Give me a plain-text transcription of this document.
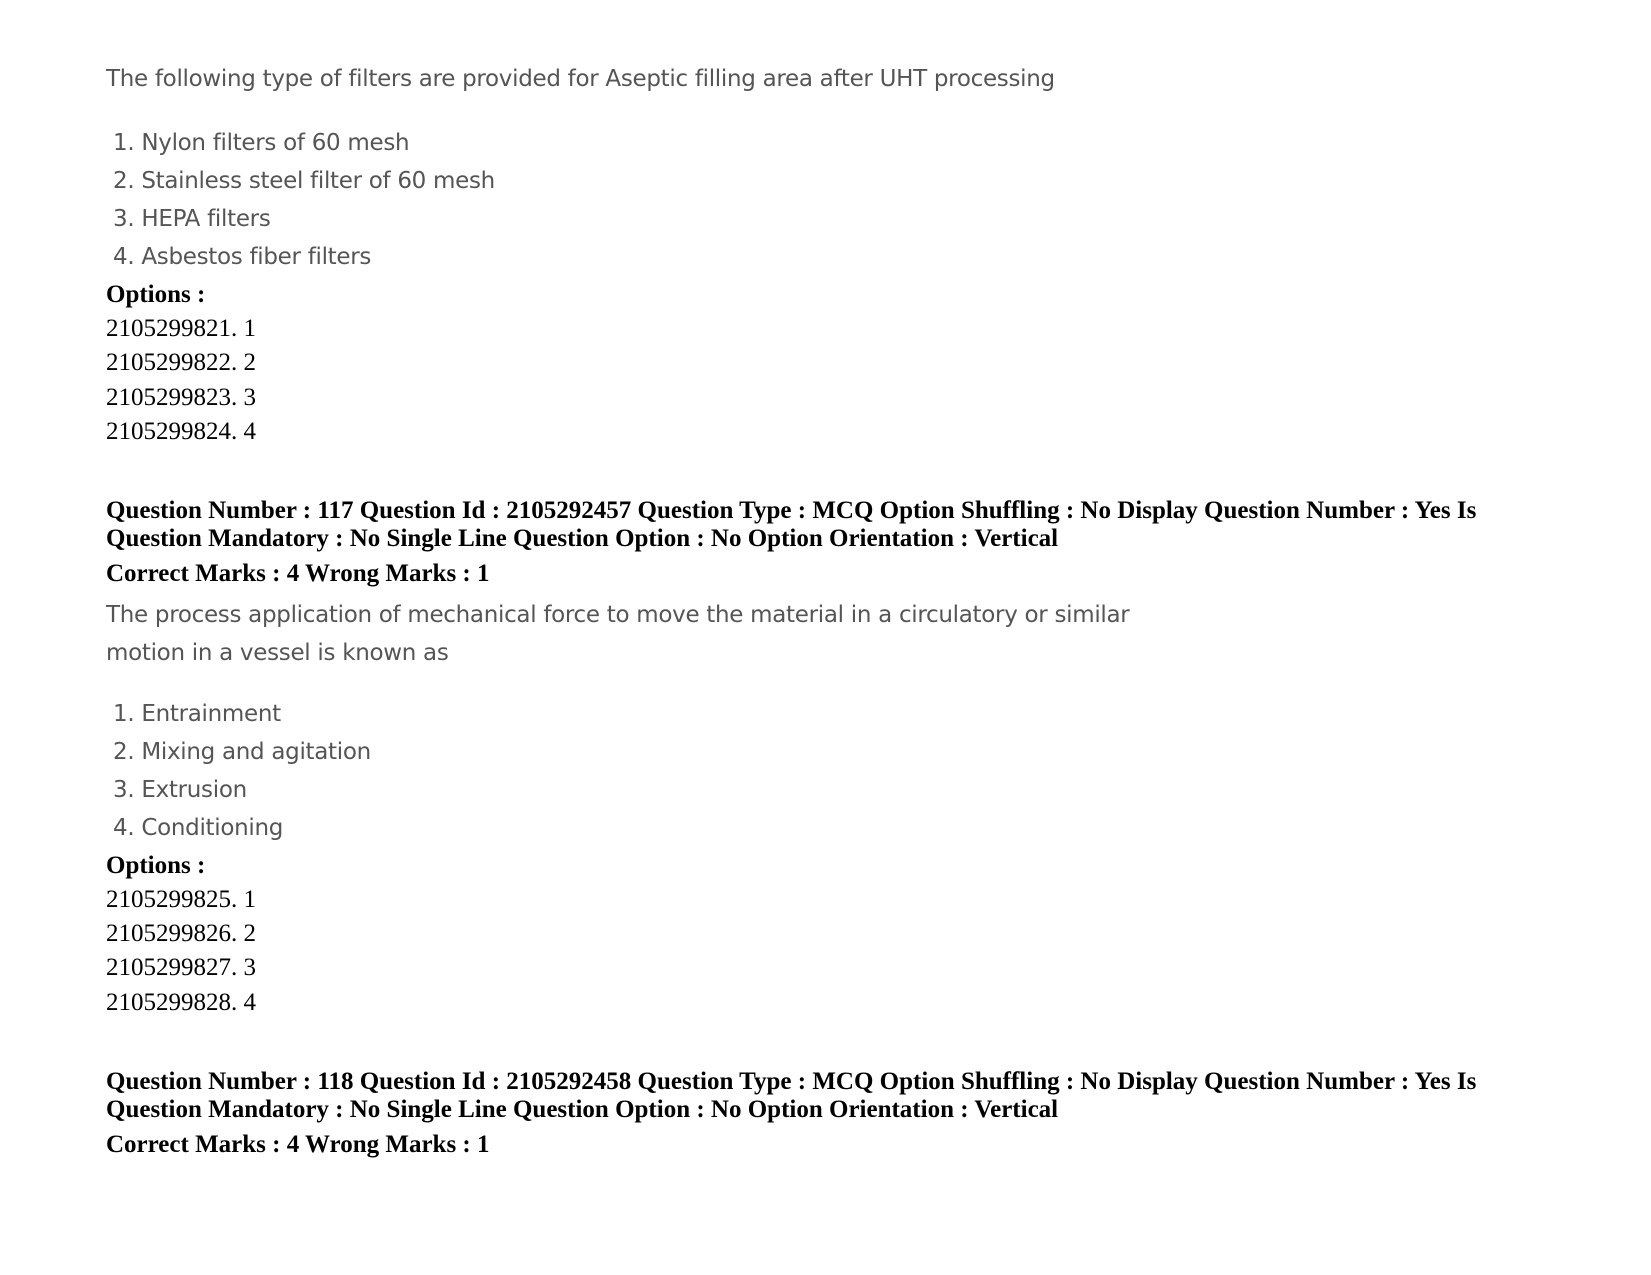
The following type of filters are provided for Aseptic filling area after UHT processing
1. Nylon filters of 60 mesh
2. Stainless steel filter of 60 mesh
3. HEPA filters
4. Asbestos fiber filters
Options :
2105299821. 1
2105299822. 2
2105299823. 3
2105299824. 4
Question Number : 117 Question Id : 2105292457 Question Type : MCQ Option Shuffling : No Display Question Number : Yes Is
Question Mandatory : No Single Line Question Option : No Option Orientation : Vertical
Correct Marks : 4 Wrong Marks : 1
The process application of mechanical force to move the material in a circulatory or similar
motion in a vessel is known as
1. Entrainment
2. Mixing and agitation
3. Extrusion
4. Conditioning
Options :
2105299825. 1
2105299826. 2
2105299827. 3
2105299828. 4
Question Number : 118 Question Id : 2105292458 Question Type : MCQ Option Shuffling : No Display Question Number : Yes Is
Question Mandatory : No Single Line Question Option : No Option Orientation : Vertical
Correct Marks : 4 Wrong Marks : 1
